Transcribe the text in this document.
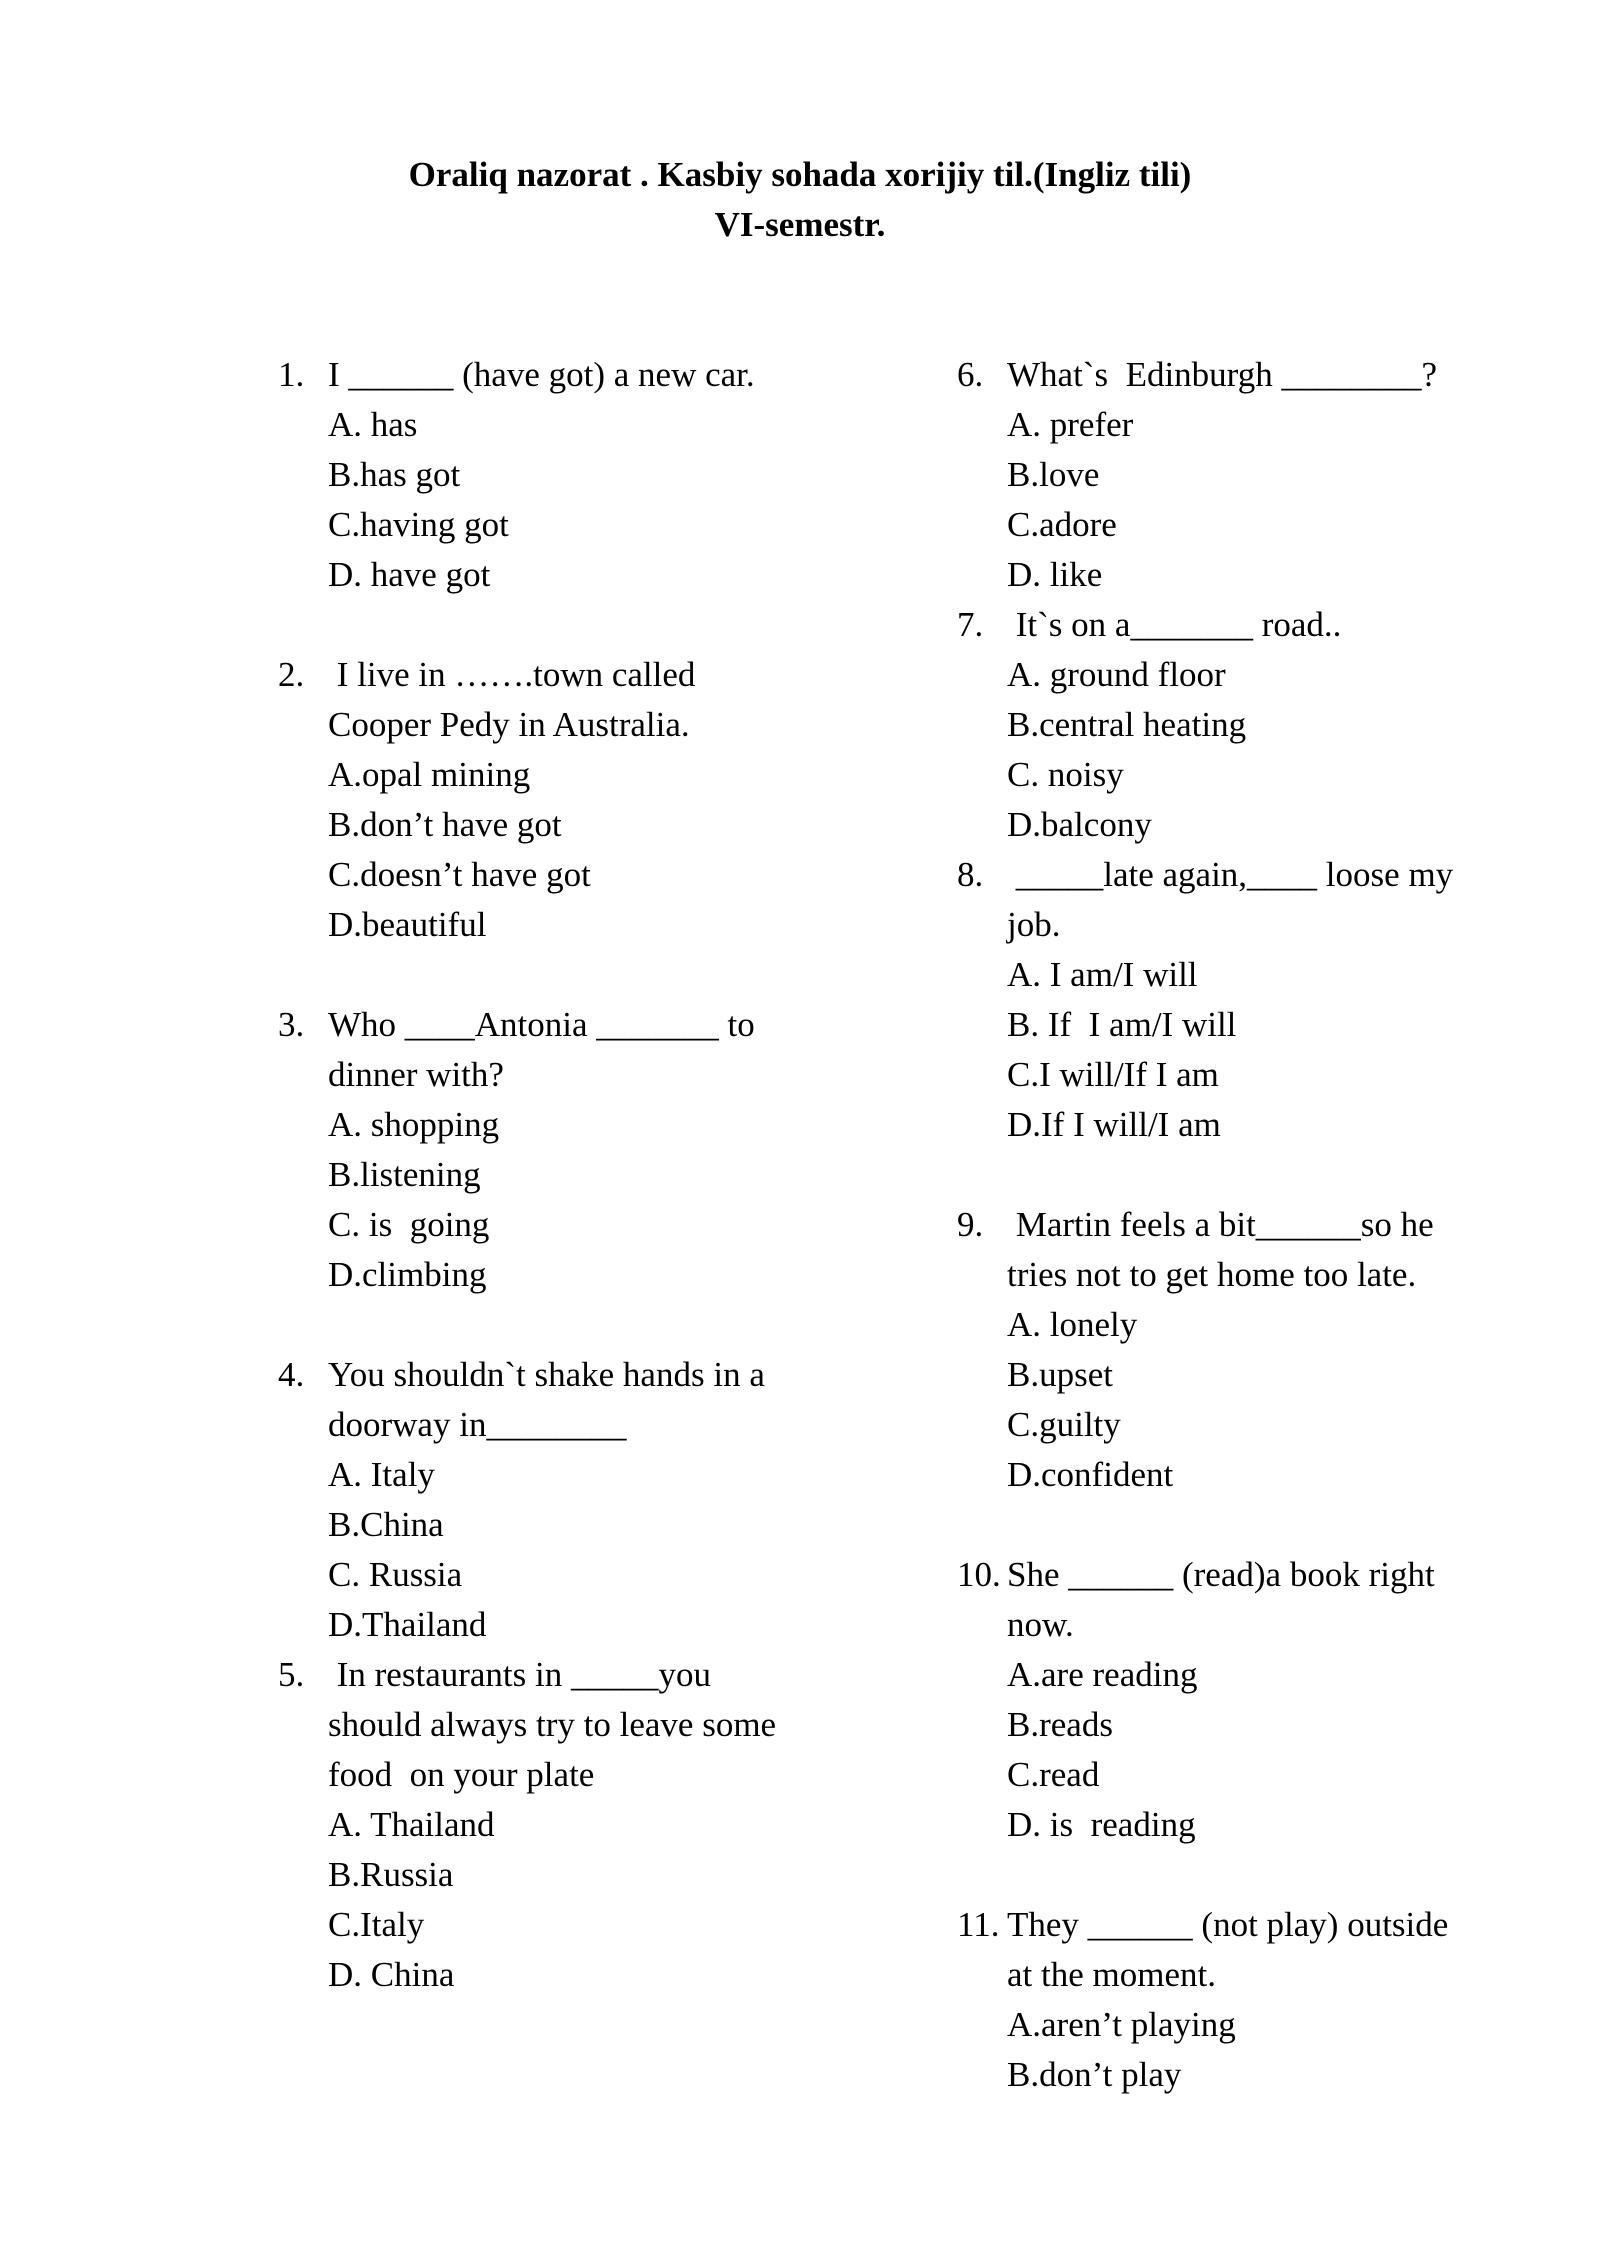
Oraliq nazorat . Kasbiy sohada xorijiy til.(Ingliz tili)
VI-semestr.
1. I ______ (have got) a new car.
A. has
B.has got
C.having got
D. have got
2. I live in …….town called
Cooper Pedy in Australia.
A.opal mining
B.don’t have got
C.doesn’t have got
D.beautiful
3. Who ____Antonia _______ to
dinner with?
A. shopping
B.listening
C. is  going
D.climbing
4. You shouldn`t shake hands in a
doorway in________
A. Italy
B.China
C. Russia
D.Thailand
5. In restaurants in _____you
should always try to leave some
food  on your plate
A. Thailand
B.Russia
C.Italy
D. China
6. What`s  Edinburgh ________?
A. prefer
B.love
C.adore
D. like
7. It`s on a_______ road..
A. ground floor
B.central heating
C. noisy
D.balcony
8. _____late again,____ loose my
job.
A. I am/I will
B. If  I am/I will
C.I will/If I am
D.If I will/I am
9. Martin feels a bit______so he
tries not to get home too late.
A. lonely
B.upset
C.guilty
D.confident
10. She ______ (read)a book right
now.
A.are reading
B.reads
C.read
D. is  reading
11. They ______ (not play) outside
at the moment.
A.aren’t playing
B.don’t play
